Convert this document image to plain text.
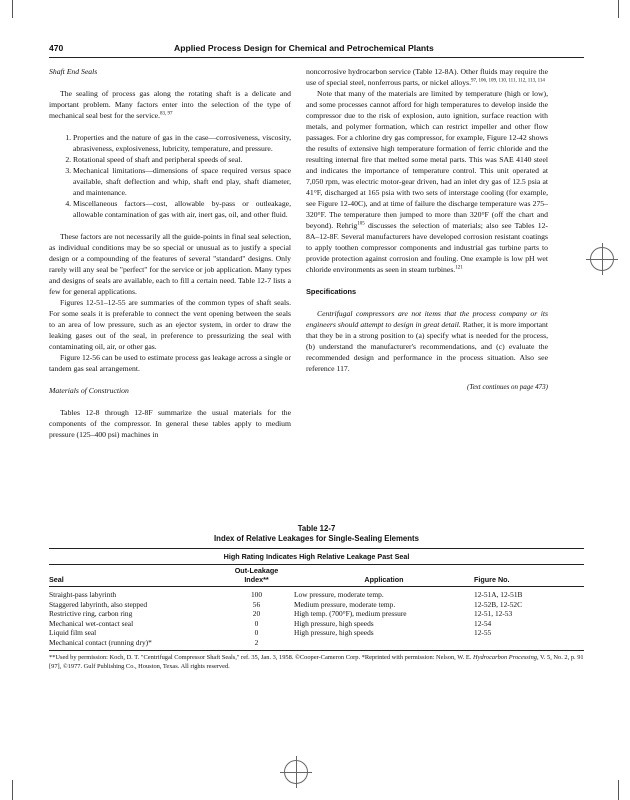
470	Applied Process Design for Chemical and Petrochemical Plants

Shaft End Seals

The sealing of process gas along the rotating shaft is a delicate and important problem. Many factors enter into the selection of the type of mechanical seal best for the service.$^{83, 97}$

1. Properties and the nature of gas in the case—corrosiveness, viscosity, abrasiveness, explosiveness, lubricity, temperature, and pressure.
2. Rotational speed of shaft and peripheral speeds of seal.
3. Mechanical limitations—dimensions of space required versus space available, shaft deflection and whip, shaft end play, shaft diameter, and maintenance.
4. Miscellaneous factors—cost, allowable by-pass or outleakage, allowable contamination of gas with air, inert gas, oil, and other fluid.

These factors are not necessarily all the guide-points in final seal selection, as individual conditions may be so special or unusual as to justify a special design or a compounding of the features of several "standard" designs. Only rarely will any seal be "perfect" for the service or job application. Many types and designs of seals are available, each to fill a certain need. Table 12-7 lists a few for general applications.

Figures 12-51–12-55 are summaries of the common types of shaft seals. For some seals it is preferable to connect the vent opening between the seals to an area of low pressure, such as an ejector system, in order to draw the leaking gases out of the seal, in preference to pressurizing the seal with contaminating oil, air, or other gas.

Figure 12-56 can be used to estimate process gas leakage across a single or tandem gas seal arrangement.

Materials of Construction

Tables 12-8 through 12-8F summarize the usual materials for the components of the compressor. In general these tables apply to medium pressure (125–400 psi) machines in

noncorrosive hydrocarbon service (Table 12-8A). Other fluids may require the use of special steel, nonferrous parts, or nickel alloys.$^{97, 106, 109, 110, 111, 112, 113, 114}$

Note that many of the materials are limited by temperature (high or low), and some processes cannot afford for high temperatures to develop inside the compressor due to the risk of explosion, auto ignition, surface reaction with metals, and polymer formation, which can restrict impeller and other flow passages. For a chlorine dry gas compressor, for example, Figure 12-42 shows the results of extensive high temperature formation of ferric chloride and the resulting internal fire that melted some metal parts. This was SAE 4140 steel and indicates the importance of temperature control. This unit operated at 7,050 rpm, was electric motor-gear driven, had an inlet dry gas of 12.5 psia at 41°F, discharged at 165 psia with two sets of interstage cooling (for example, see Figure 12-40C), and at time of failure the discharge temperature was 275–320°F. The temperature then jumped to more than 320°F (off the chart and beyond). Rehrig$^{105}$ discusses the selection of materials; also see Tables 12-8A–12-8F. Several manufacturers have developed corrosion resistant coatings to apply toothen compressor components and industrial gas turbine parts to provide protection against corrosion and fouling. One example is low pH wet chloride environments as seen in steam turbines.$^{121}$

Specifications

Centrifugal compressors are not items that the process company or its engineers should attempt to design in great detail. Rather, it is more important that they be in a strong position to (a) specify what is needed for the process, (b) understand the manufacturer's recommendations, and (c) evaluate the recommended design and performance in the process situation. Also see reference 117.

(Text continues on page 473)
Table 12-7
Index of Relative Leakages for Single-Sealing Elements
High Rating Indicates High Relative Leakage Past Seal
Seal	Out-Leakage
Index**	Application	Figure No.

Straight-pass labyrinth	100	Low pressure, moderate temp.	12-51A, 12-51B
Staggered labyrinth, also stepped	56	Medium pressure, moderate temp.	12-52B, 12-52C
Restrictive ring, carbon ring	20	High temp. (700°F), medium pressure	12-51, 12-53
Mechanical wet-contact seal	0	High pressure, high speeds	12-54
Liquid film seal	0	High pressure, high speeds	12-55
Mechanical contact (running dry)*	2		
**Used by permission: Koch, D. T. "Centrifugal Compressor Shaft Seals," ref. 35, Jan. 3, 1958. ©Cooper-Cameron Corp. *Reprinted with permission: Nelson, W. E. Hydrocarbon Processing, V. 5, No. 2, p. 91 [97], ©1977. Gulf Publishing Co., Houston, Texas. All rights reserved.
